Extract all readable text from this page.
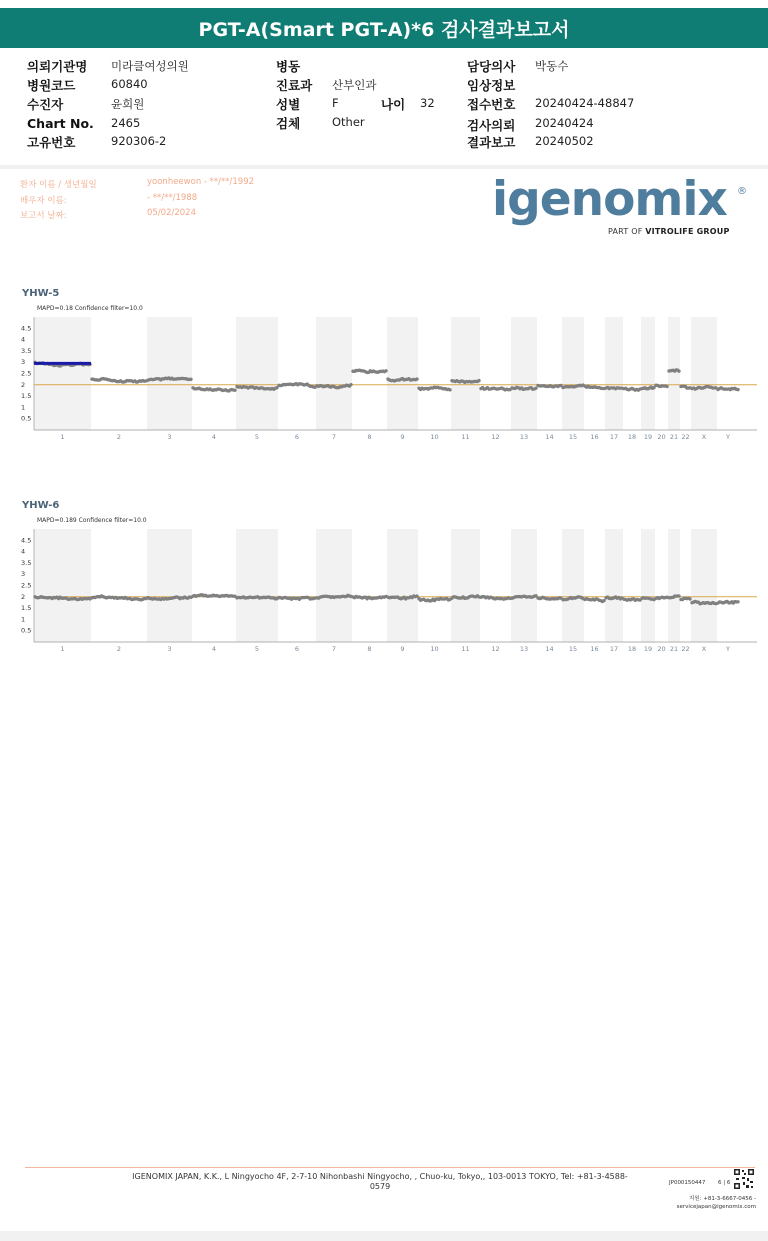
PGT-A(Smart PGT-A)*6 검사결과보고서
의뢰기관명 미라클여성의원
병원코드	60840
수진자	윤희원
Chart No. 2465
고유번호	920306-2
병동
진료과 산부인과
성별	F	나이 32
검체	Other
담당의사 박동수
임상정보
접수번호 20240424-48847
검사의뢰 20240424
결과보고 20240502
환자 이름 / 생년월일	yoonheewon - **/**/1992
배우자 이름:	- **/**/1988
보고서 날짜:	05/02/2024	igenomix ®
PART OF VITROLIFE GROUP
YHW-5
MAPD=0.18 Confidence filter=10.0
4.5
4
3.5
3
2.5
2
1.5
1
0.5
1	2	3	4	5	6	7	8	9	10	11	12	13	14 15 16 17 18 19 20 21 22 X	Y
YHW-6
MAPD=0.189 Confidence filter=10.0
4.5
4
3.5
3
2.5
2
1.5
1
0.5
1	2	3	4	5	6	7	8	9	10	11	12	13	14 15 16 17 18 19 20 21 22 X	Y
IGENOMIX JAPAN, K.K., L Ningyocho 4F, 2-7-10 Nihonbashi Ningyocho, , Chuo-ku, Tokyo,, 103-0013 TOKYO, Tel: +81-3-4588-0579	JP000150447 6 | 6
지원: +81-3-6667-0456 -
servicejapan@igenomix.com
